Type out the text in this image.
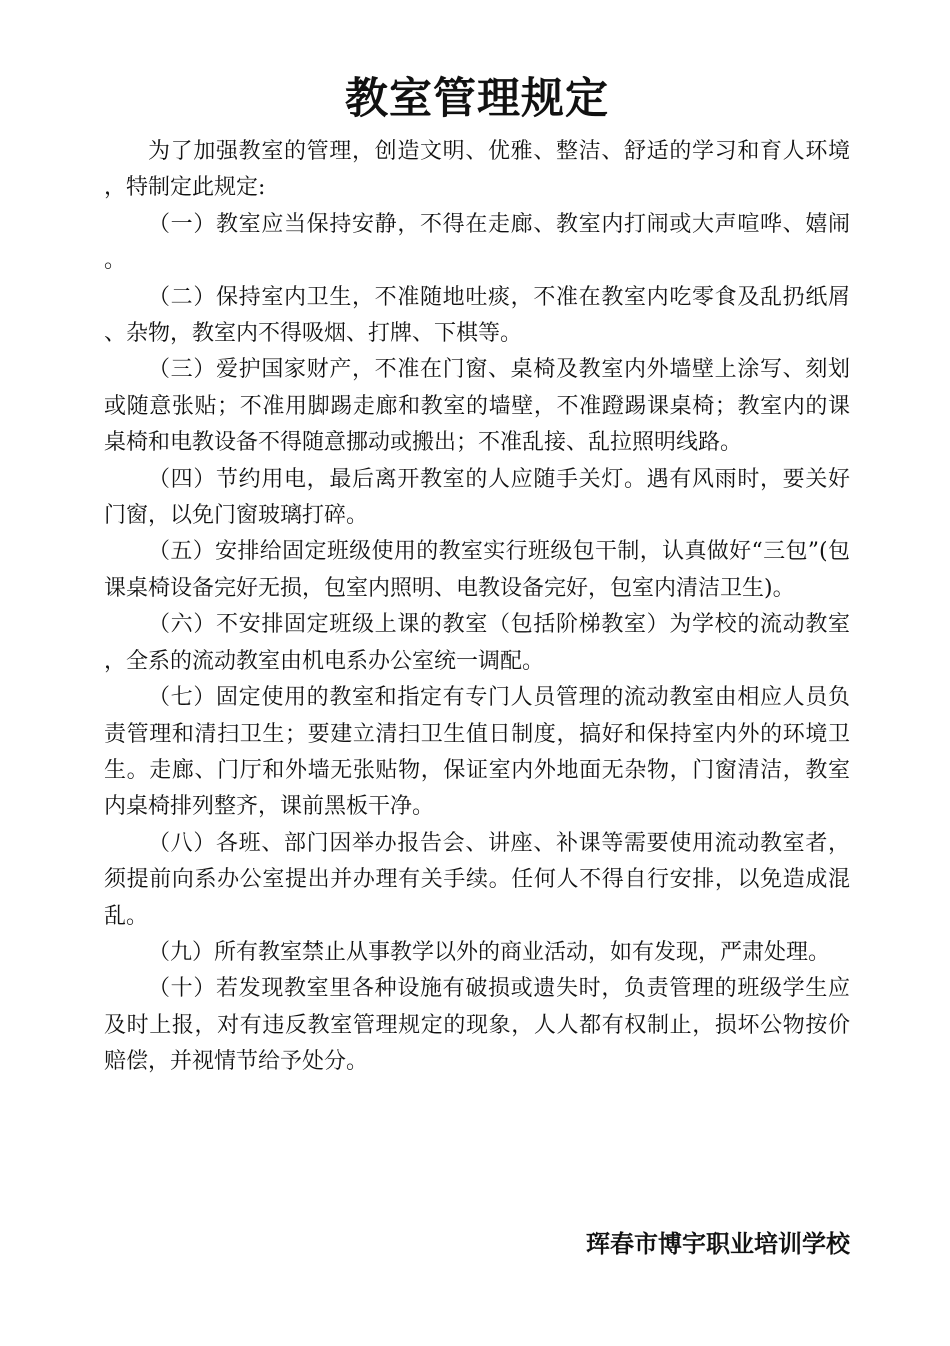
教室管理规定

为了加强教室的管理，创造文明、优雅、整洁、舒适的学习和育人环境，特制定此规定:

（一）教室应当保持安静，不得在走廊、教室内打闹或大声喧哗、嬉闹。

（二）保持室内卫生，不准随地吐痰，不准在教室内吃零食及乱扔纸屑、杂物，教室内不得吸烟、打牌、下棋等。

（三）爱护国家财产，不准在门窗、桌椅及教室内外墙壁上涂写、刻划或随意张贴；不准用脚踢走廊和教室的墙壁，不准蹬踢课桌椅；教室内的课桌椅和电教设备不得随意挪动或搬出；不准乱接、乱拉照明线路。

（四）节约用电，最后离开教室的人应随手关灯。遇有风雨时，要关好门窗，以免门窗玻璃打碎。

（五）安排给固定班级使用的教室实行班级包干制，认真做好“三包”(包课桌椅设备完好无损，包室内照明、电教设备完好，包室内清洁卫生)。

（六）不安排固定班级上课的教室（包括阶梯教室）为学校的流动教室，全系的流动教室由机电系办公室统一调配。

（七）固定使用的教室和指定有专门人员管理的流动教室由相应人员负责管理和清扫卫生；要建立清扫卫生值日制度，搞好和保持室内外的环境卫生。走廊、门厅和外墙无张贴物，保证室内外地面无杂物，门窗清洁，教室内桌椅排列整齐，课前黑板干净。

（八）各班、部门因举办报告会、讲座、补课等需要使用流动教室者，须提前向系办公室提出并办理有关手续。任何人不得自行安排，以免造成混乱。

（九）所有教室禁止从事教学以外的商业活动，如有发现，严肃处理。

（十）若发现教室里各种设施有破损或遗失时，负责管理的班级学生应及时上报，对有违反教室管理规定的现象，人人都有权制止，损坏公物按价赔偿，并视情节给予处分。

珲春市博宇职业培训学校
